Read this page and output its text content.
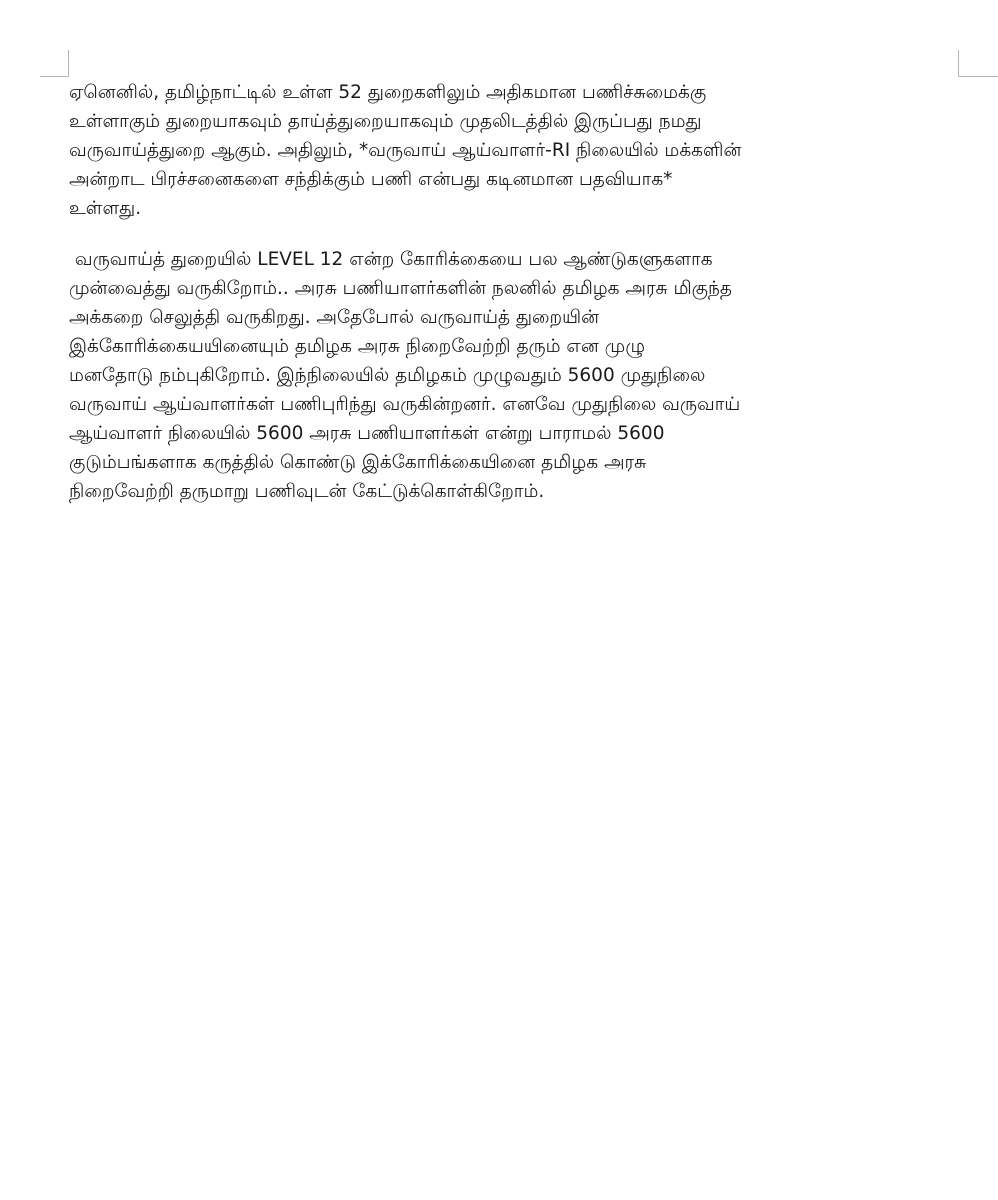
ஏனெனில், தமிழ்நாட்டில் உள்ள 52 துறைகளிலும் அதிகமான பணிச்சுமைக்கு
உள்ளாகும் துறையாகவும் தாய்த்துறையாகவும் முதலிடத்தில் இருப்பது நமது
வருவாய்த்துறை ஆகும். அதிலும், *வருவாய் ஆய்வாளர்-RI நிலையில் மக்களின்
அன்றாட பிரச்சனைகளை சந்திக்கும் பணி என்பது கடினமான பதவியாக*
உள்ளது.

வருவாய்த் துறையில் LEVEL 12 என்ற கோரிக்கையை பல ஆண்டுகளுகளாக
முன்வைத்து வருகிறோம்.. அரசு பணியாளர்களின் நலனில் தமிழக அரசு மிகுந்த
அக்கறை செலுத்தி வருகிறது. அதேபோல் வருவாய்த் துறையின்
இக்கோரிக்கையயினையும் தமிழக அரசு நிறைவேற்றி தரும் என முழு
மனதோடு நம்புகிறோம். இந்நிலையில் தமிழகம் முழுவதும் 5600 முதுநிலை
வருவாய் ஆய்வாளர்கள் பணிபுரிந்து வருகின்றனர். எனவே முதுநிலை வருவாய்
ஆய்வாளர் நிலையில் 5600 அரசு பணியாளர்கள் என்று பாராமல் 5600
குடும்பங்களாக கருத்தில் கொண்டு இக்கோரிக்கையினை தமிழக அரசு
நிறைவேற்றி தருமாறு பணிவுடன் கேட்டுக்கொள்கிறோம்.
